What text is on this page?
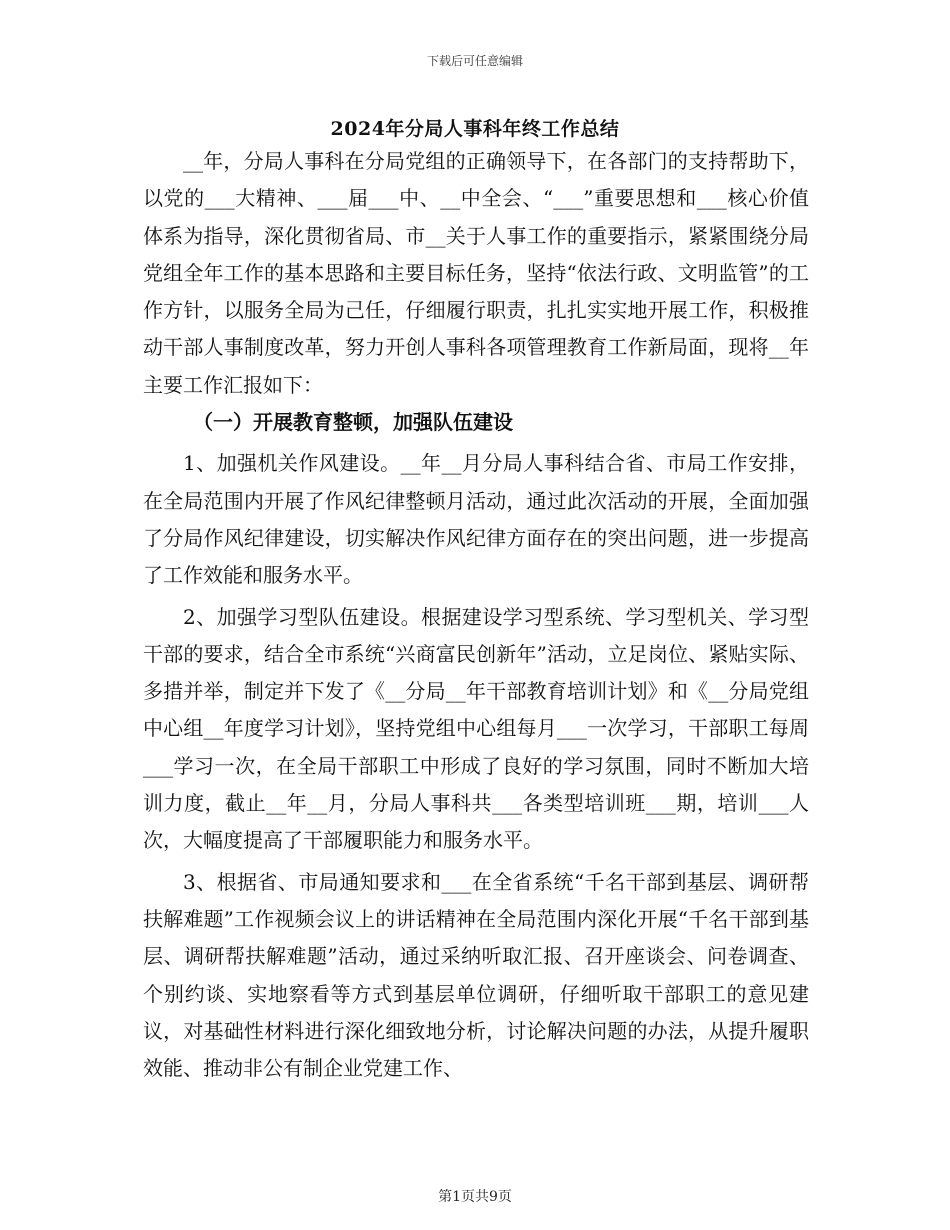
下载后可任意编辑
2024年分局人事科年终工作总结

__年，分局人事科在分局党组的正确领导下，在各部门的支持帮助下，以党的___大精神、___届___中、__中全会、“___”重要思想和___核心价值体系为指导，深化贯彻省局、市__关于人事工作的重要指示，紧紧围绕分局党组全年工作的基本思路和主要目标任务，坚持“依法行政、文明监管”的工作方针，以服务全局为己任，仔细履行职责，扎扎实实地开展工作，积极推动干部人事制度改革，努力开创人事科各项管理教育工作新局面，现将__年主要工作汇报如下：

（一）开展教育整顿，加强队伍建设

1、加强机关作风建设。__年__月分局人事科结合省、市局工作安排，在全局范围内开展了作风纪律整顿月活动，通过此次活动的开展，全面加强了分局作风纪律建设，切实解决作风纪律方面存在的突出问题，进一步提高了工作效能和服务水平。

2、加强学习型队伍建设。根据建设学习型系统、学习型机关、学习型干部的要求，结合全市系统“兴商富民创新年”活动，立足岗位、紧贴实际、多措并举，制定并下发了《__分局__年干部教育培训计划》和《__分局党组中心组__年度学习计划》，坚持党组中心组每月___一次学习，干部职工每周___学习一次，在全局干部职工中形成了良好的学习氛围，同时不断加大培训力度，截止__年__月，分局人事科共___各类型培训班___期，培训___人次，大幅度提高了干部履职能力和服务水平。

3、根据省、市局通知要求和___在全省系统“千名干部到基层、调研帮扶解难题”工作视频会议上的讲话精神在全局范围内深化开展“千名干部到基层、调研帮扶解难题”活动，通过采纳听取汇报、召开座谈会、问卷调查、个别约谈、实地察看等方式到基层单位调研，仔细听取干部职工的意见建议，对基础性材料进行深化细致地分析，讨论解决问题的办法，从提升履职效能、推动非公有制企业党建工作、

第1页共9页
